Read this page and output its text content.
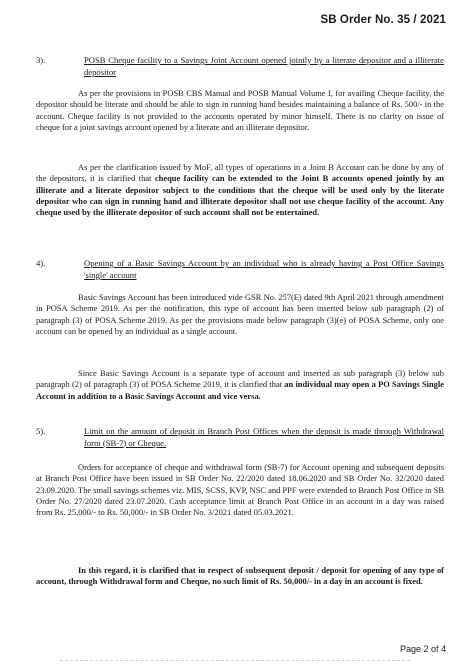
SB Order No. 35 / 2021
3).	POSB Cheque facility to a Savings Joint Account opened jointly by a literate depositor and a illiterate depositor

As per the provisions in POSB CBS Manual and POSB Manual Volume I, for availing Cheque facility, the depositor should be literate and should be able to sign in running hand besides maintaining a balance of Rs. 500/- in the account. Cheque facility is not provided to the accounts operated by minor himself. There is no clarity on issue of cheque for a joint savings account opened by a literate and an illiterate depositor.

As per the clarification issued by MoF, all types of operations in a Joint B Account can be done by any of the depositors, it is clarified that cheque facility can be extended to the Joint B accounts opened jointly by an illiterate and a literate depositor subject to the conditions that the cheque will be used only by the literate depositor who can sign in running hand and illiterate depositor shall not use cheque facility of the account. Any cheque used by the illiterate depositor of such account shall not be entertained.

4).	Opening of a Basic Savings Account by an individual who is already having a Post Office Savings 'single' account

Basic Savings Account has been introduced vide GSR No. 257(E) dated 9th April 2021 through amendment in POSA Scheme 2019. As per the notification, this type of account has been inserted below sub paragraph (2) of paragraph (3) of POSA Scheme 2019. As per the provisions made below paragraph (3)(e) of POSA Scheme, only one account can be opened by an individual as a single account.

Since Basic Savings Account is a separate type of account and inserted as sub paragraph (3) below sub paragraph (2) of paragraph (3) of POSA Scheme 2019, it is clarified that an individual may open a PO Savings Single Account in addition to a Basic Savings Account and vice versa.

5).	Limit on the amount of deposit in Branch Post Offices when the deposit is made through Withdrawal form (SB-7) or Cheque.

Orders for acceptance of cheque and withdrawal form (SB-7) for Account opening and subsequent deposits at Branch Post Office have been issued in SB Order No. 22/2020 dated 18.06.2020 and SB Order No. 32/2020 dated 23.09.2020. The small savings schemes viz. MIS, SCSS, KVP, NSC and PPF were extended to Branch Post Office in SB Order No. 27/2020 dated 23.07.2020. Cash acceptance limit at Branch Post Office in an account in a day was raised from Rs. 25,000/- to Rs. 50,000/- in SB Order No. 3/2021 dated 05.03.2021.

In this regard, it is clarified that in respect of subsequent deposit / deposit for opening of any type of account, through Withdrawal form and Cheque, no such limit of Rs. 50,000/- in a day in an account is fixed.

Page 2 of 4
